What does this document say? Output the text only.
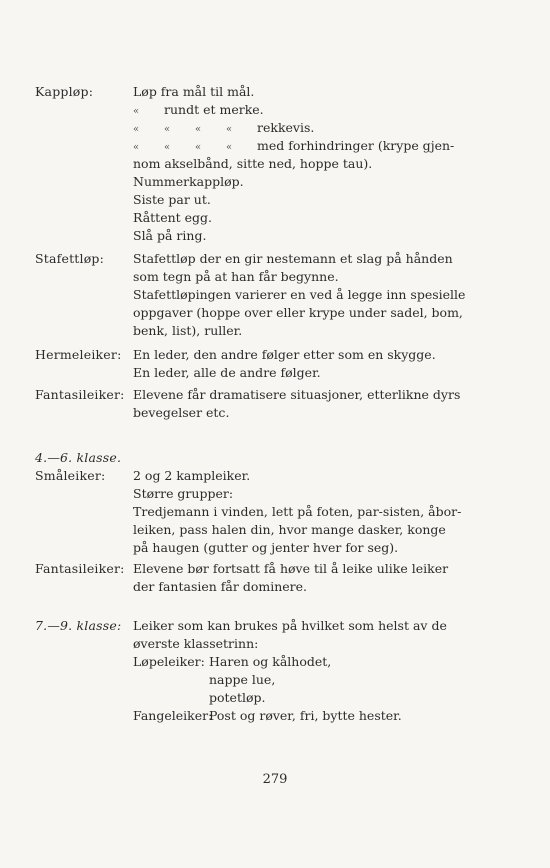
Kappløp:	Løp fra mål til mål.
« rundt et merke.
« « « « rekkevis.
« « « « med forhindringer (krype gjen-
nom akselbånd, sitte ned, hoppe tau).
Nummerkappløp.
Siste par ut.
Råttent egg.
Slå på ring.
Stafettløp: Stafettløp der en gir nestemann et slag på hånden
som tegn på at han får begynne.
Stafettløpingen varierer en ved å legge inn spesielle
oppgaver (hoppe over eller krype under sadel, bom,
benk, list), ruller.
Hermeleiker: En leder, den andre følger etter som en skygge.
En leder, alle de andre følger.
Fantasileiker: Elevene får dramatisere situasjoner, etterlikne dyrs
bevegelser etc.
4.—6. klasse.
Småleiker: 2 og 2 kampleiker.
Større grupper:
Tredjemann i vinden, lett på foten, par-sisten, åbor-
leiken, pass halen din, hvor mange dasker, konge
på haugen (gutter og jenter hver for seg).
Fantasileiker: Elevene bør fortsatt få høve til å leike ulike leiker
der fantasien får dominere.
7.—9. klasse: Leiker som kan brukes på hvilket som helst av de
øverste klassetrinn:
Løpeleiker: Haren og kålhodet,
nappe lue,
potetløp.
Fangeleiker:Post og røver, fri, bytte hester.
279
